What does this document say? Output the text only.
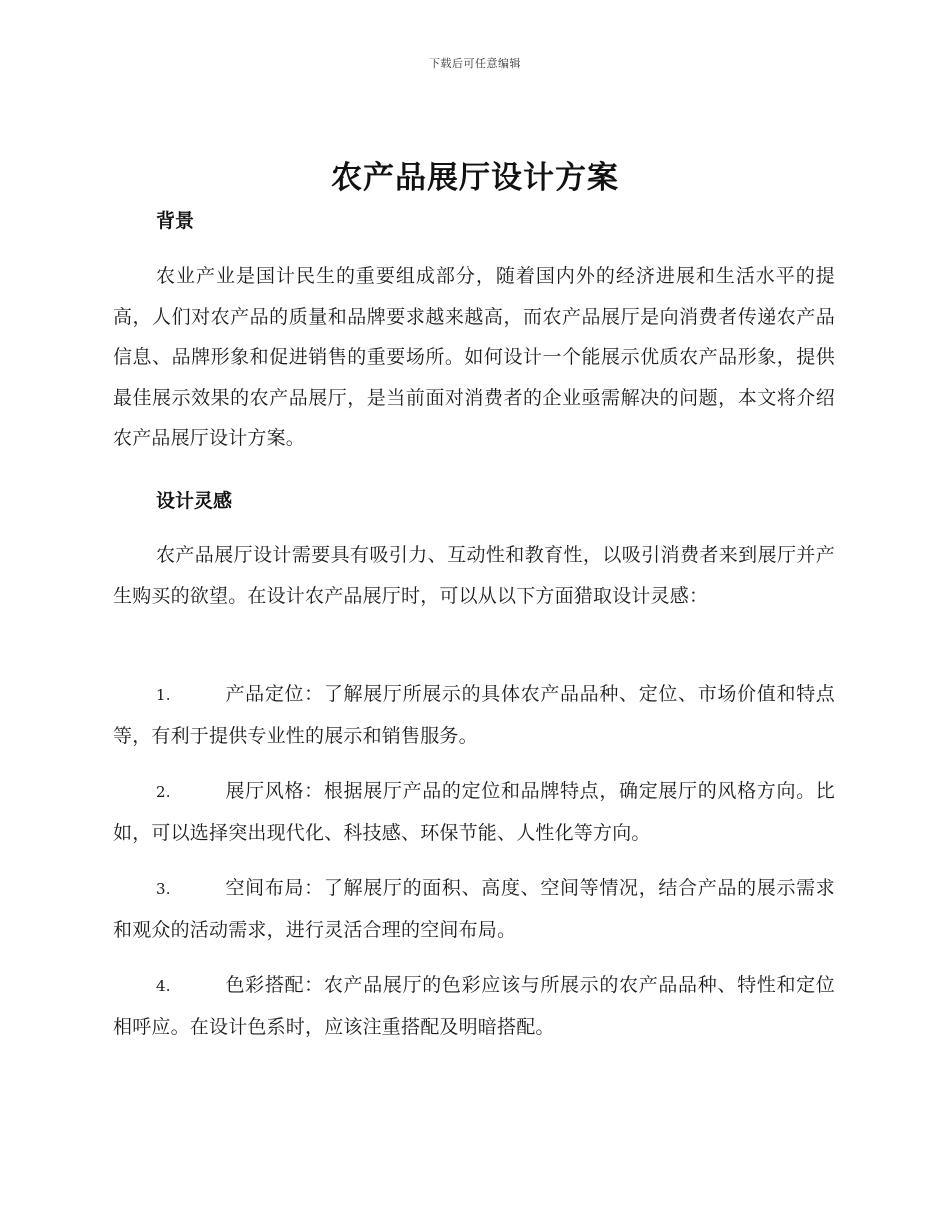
下载后可任意编辑
农产品展厅设计方案
背景
农业产业是国计民生的重要组成部分，随着国内外的经济进展和生活水平的提高，人们对农产品的质量和品牌要求越来越高，而农产品展厅是向消费者传递农产品信息、品牌形象和促进销售的重要场所。如何设计一个能展示优质农产品形象，提供最佳展示效果的农产品展厅，是当前面对消费者的企业亟需解决的问题，本文将介绍农产品展厅设计方案。
设计灵感
农产品展厅设计需要具有吸引力、互动性和教育性，以吸引消费者来到展厅并产生购买的欲望。在设计农产品展厅时，可以从以下方面猎取设计灵感：
1.	产品定位：了解展厅所展示的具体农产品品种、定位、市场价值和特点等，有利于提供专业性的展示和销售服务。
2.	展厅风格：根据展厅产品的定位和品牌特点，确定展厅的风格方向。比如，可以选择突出现代化、科技感、环保节能、人性化等方向。
3.	空间布局：了解展厅的面积、高度、空间等情况，结合产品的展示需求和观众的活动需求，进行灵活合理的空间布局。
4.	色彩搭配：农产品展厅的色彩应该与所展示的农产品品种、特性和定位相呼应。在设计色系时，应该注重搭配及明暗搭配。
